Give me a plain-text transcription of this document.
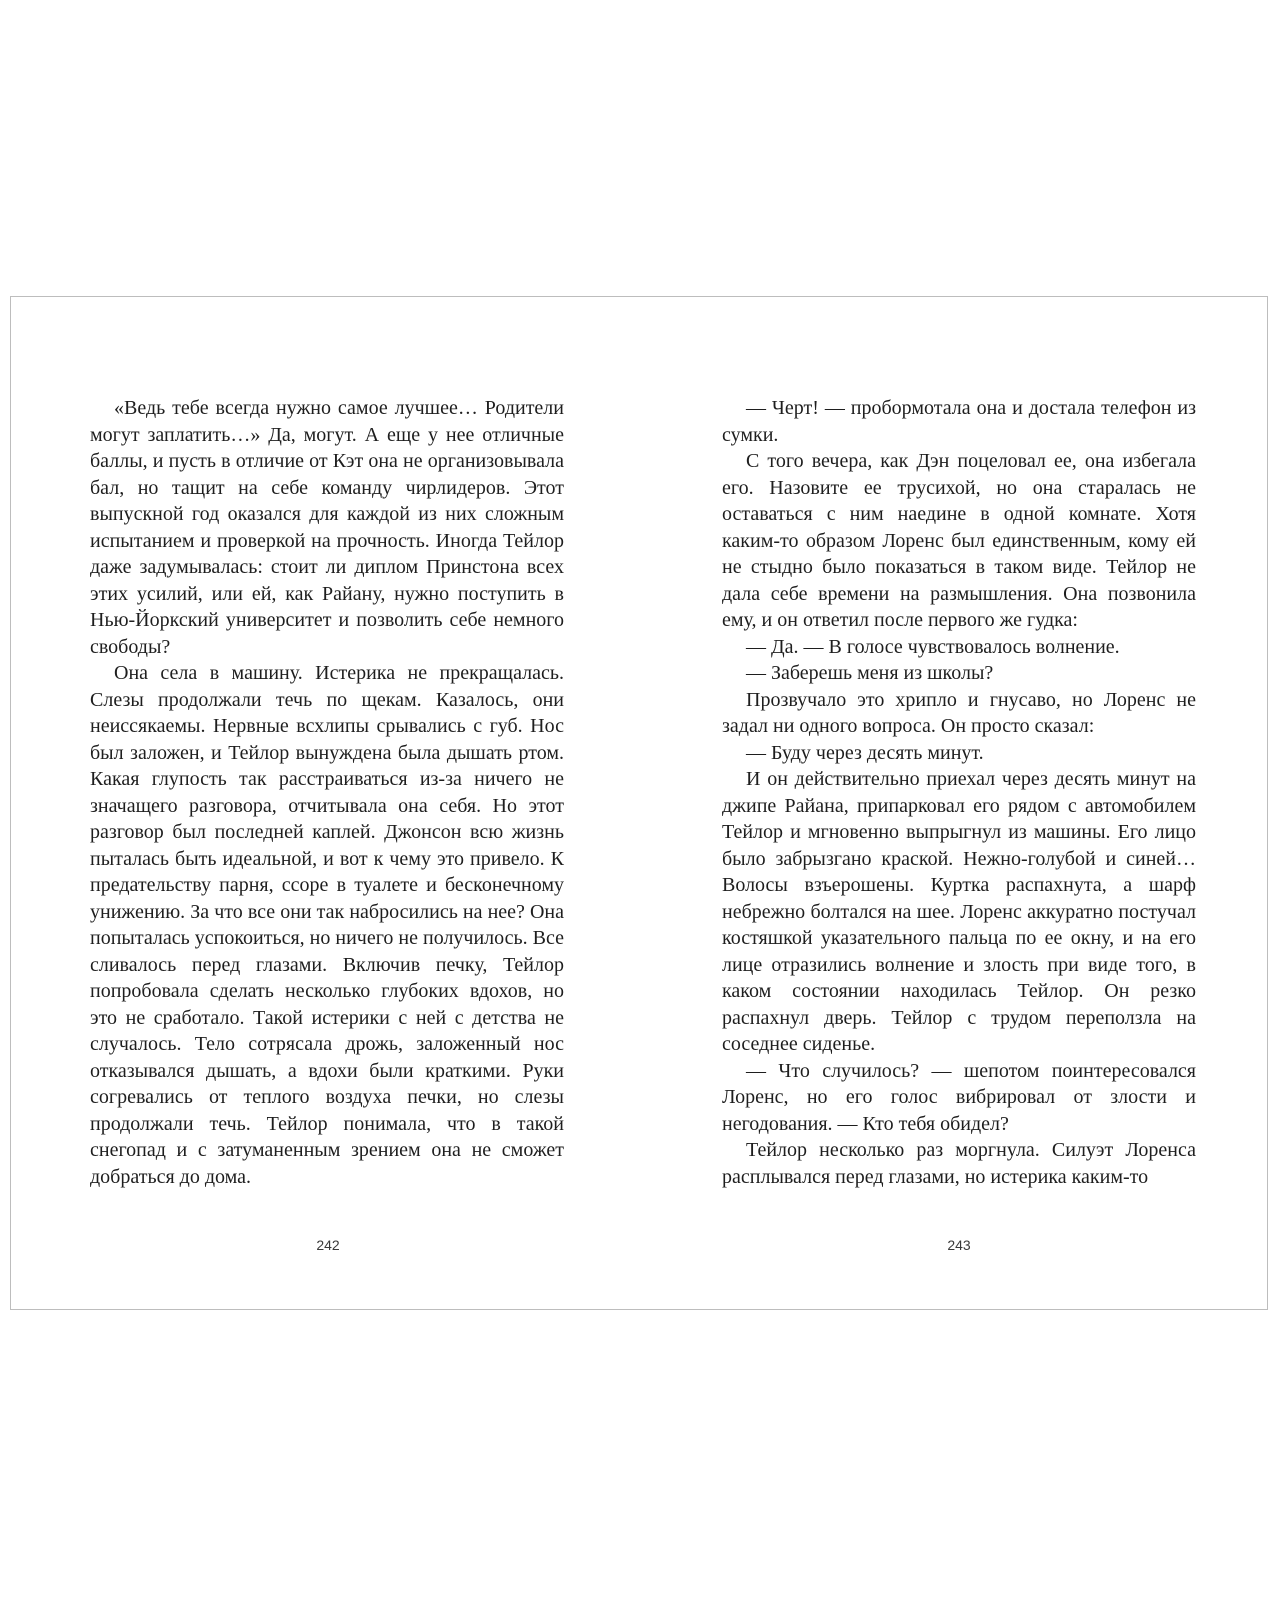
«Ведь тебе всегда нужно самое лучшее… Родители могут заплатить…» Да, могут. А еще у нее отличные баллы, и пусть в отличие от Кэт она не организовывала бал, но тащит на себе команду чирлидеров. Этот выпускной год оказался для каждой из них сложным испытанием и проверкой на прочность. Иногда Тейлор даже задумывалась: стоит ли диплом Принстона всех этих усилий, или ей, как Райану, нужно поступить в Нью-Йоркский университет и позволить себе немного свободы?

Она села в машину. Истерика не прекращалась. Слезы продолжали течь по щекам. Казалось, они неиссякаемы. Нервные всхлипы срывались с губ. Нос был заложен, и Тейлор вынуждена была дышать ртом. Какая глупость так расстраиваться из-за ничего не значащего разговора, отчитывала она себя. Но этот разговор был последней каплей. Джонсон всю жизнь пыталась быть идеальной, и вот к чему это привело. К предательству парня, ссоре в туалете и бесконечному унижению. За что все они так набросились на нее? Она попыталась успокоиться, но ничего не получилось. Все сливалось перед глазами. Включив печку, Тейлор попробовала сделать несколько глубоких вдохов, но это не сработало. Такой истерики с ней с детства не случалось. Тело сотрясала дрожь, заложенный нос отказывался дышать, а вдохи были краткими. Руки согревались от теплого воздуха печки, но слезы продолжали течь. Тейлор понимала, что в такой снегопад и с затуманенным зрением она не сможет добраться до дома.

242

— Черт! — пробормотала она и достала телефон из сумки.

С того вечера, как Дэн поцеловал ее, она избегала его. Назовите ее трусихой, но она старалась не оставаться с ним наедине в одной комнате. Хотя каким-то образом Лоренс был единственным, кому ей не стыдно было показаться в таком виде. Тейлор не дала себе времени на размышления. Она позвонила ему, и он ответил после первого же гудка:

— Да. — В голосе чувствовалось волнение.

— Заберешь меня из школы?

Прозвучало это хрипло и гнусаво, но Лоренс не задал ни одного вопроса. Он просто сказал:

— Буду через десять минут.

И он действительно приехал через десять минут на джипе Райана, припарковал его рядом с автомобилем Тейлор и мгновенно выпрыгнул из машины. Его лицо было забрызгано краской. Нежно-голубой и синей… Волосы взъерошены. Куртка распахнута, а шарф небрежно болтался на шее. Лоренс аккуратно постучал костяшкой указательного пальца по ее окну, и на его лице отразились волнение и злость при виде того, в каком состоянии находилась Тейлор. Он резко распахнул дверь. Тейлор с трудом переползла на соседнее сиденье.

— Что случилось? — шепотом поинтересовался Лоренс, но его голос вибрировал от злости и негодования. — Кто тебя обидел?

Тейлор несколько раз моргнула. Силуэт Лоренса расплывался перед глазами, но истерика каким-то

243
